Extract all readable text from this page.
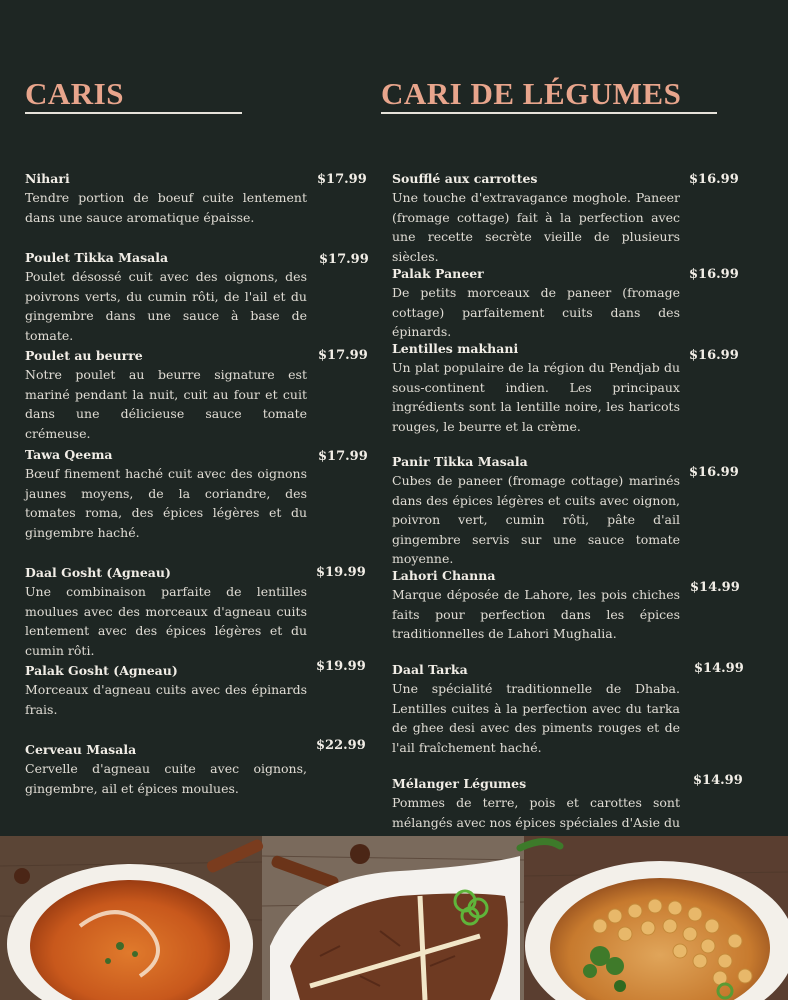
CARIS	CARI DE LÉGUMES
Nihari
Tendre portion de boeuf cuite lentement dans une sauce aromatique épaisse.
$17.99
Poulet Tikka Masala
Poulet désossé cuit avec des oignons, des poivrons verts, du cumin rôti, de l'ail et du gingembre dans une sauce à base de tomate.
$17.99
Poulet au beurre
Notre poulet au beurre signature est mariné pendant la nuit, cuit au four et cuit dans une délicieuse sauce tomate crémeuse.
$17.99
Tawa Qeema
Bœuf finement haché cuit avec des oignons jaunes moyens, de la coriandre, des tomates roma, des épices légères et du gingembre haché.
$17.99
Daal Gosht (Agneau)
Une combinaison parfaite de lentilles moulues avec des morceaux d'agneau cuits lentement avec des épices légères et du cumin rôti.
$19.99
Palak Gosht (Agneau)
Morceaux d'agneau cuits avec des épinards frais.
$19.99
Cerveau Masala
Cervelle d'agneau cuite avec oignons, gingembre, ail et épices moulues.
$22.99
Soufflé aux carrottes
Une touche d'extravagance moghole. Paneer (fromage cottage) fait à la perfection avec une recette secrète vieille de plusieurs siècles.
$16.99
Palak Paneer
De petits morceaux de paneer (fromage cottage) parfaitement cuits dans des épinards.
$16.99
Lentilles makhani
Un plat populaire de la région du Pendjab du sous-continent indien. Les principaux ingrédients sont la lentille noire, les haricots rouges, le beurre et la crème.
$16.99
Panir Tikka Masala
Cubes de paneer (fromage cottage) marinés dans des épices légères et cuits avec oignon, poivron vert, cumin rôti, pâte d'ail gingembre servis sur une sauce tomate moyenne.
$16.99
Lahori Channa
Marque déposée de Lahore, les pois chiches faits pour perfection dans les épices traditionnelles de Lahori Mughalia.
$14.99
Daal Tarka
Une spécialité traditionnelle de Dhaba. Lentilles cuites à la perfection avec du tarka de ghee desi avec des piments rouges et de l'ail fraîchement haché.
$14.99
Mélanger Légumes
Pommes de terre, pois et carottes sont mélangés avec nos épices spéciales d'Asie du
$14.99
